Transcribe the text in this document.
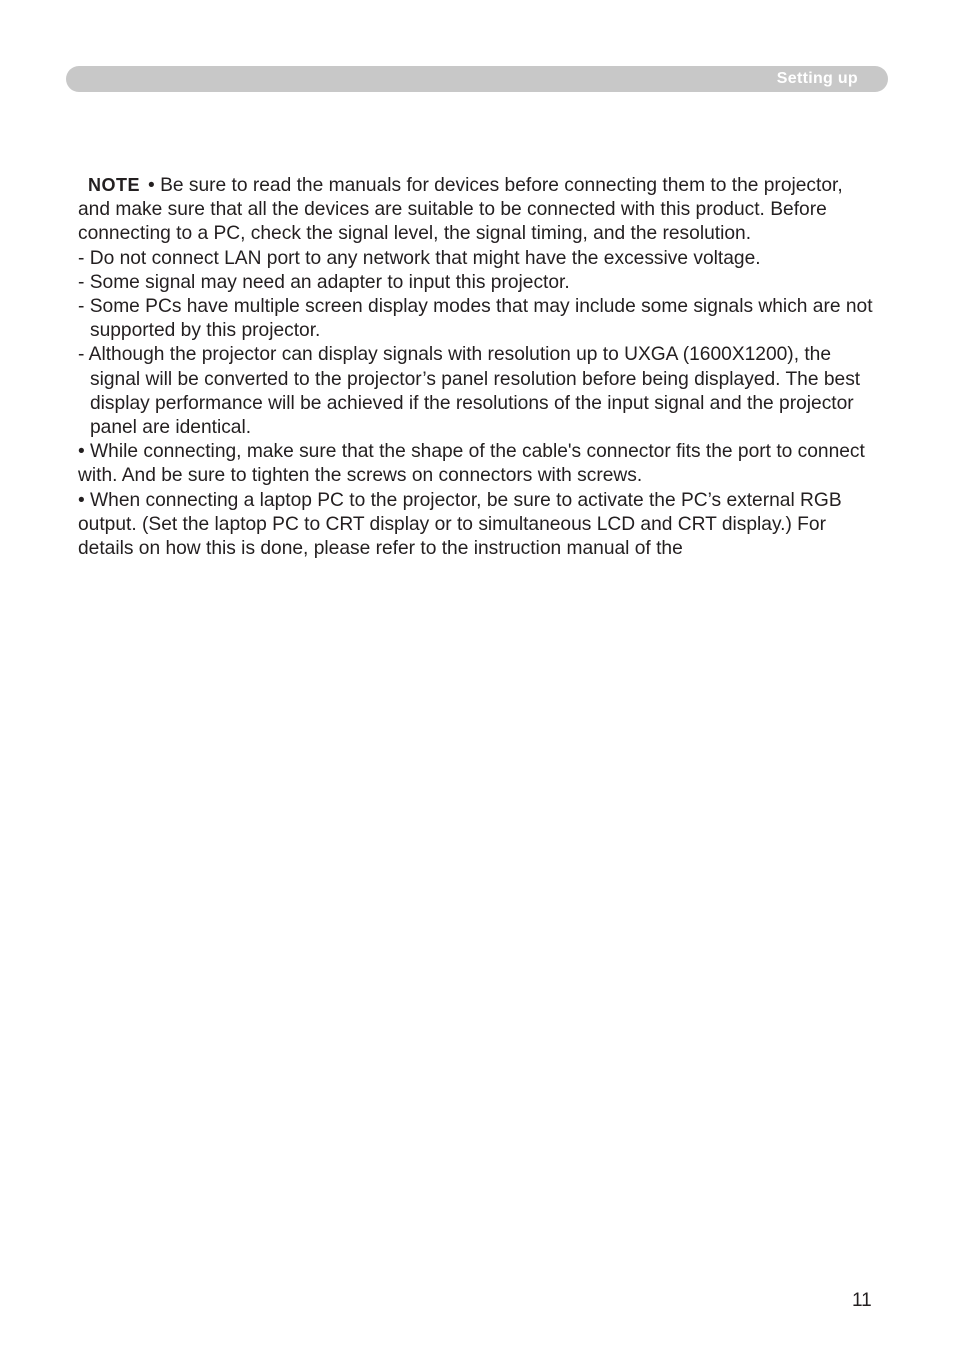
Setting up

NOTE • Be sure to read the manuals for devices before connecting them to the projector, and make sure that all the devices are suitable to be connected with this product. Before connecting to a PC, check the signal level, the signal timing, and the resolution.

- Do not connect LAN port to any network that might have the excessive voltage.

- Some signal may need an adapter to input this projector.

- Some PCs have multiple screen display modes that may include some signals which are not supported by this projector.

- Although the projector can display signals with resolution up to UXGA (1600X1200), the signal will be converted to the projector’s panel resolution before being displayed. The best display performance will be achieved if the resolutions of the input signal and the projector panel are identical.

• While connecting, make sure that the shape of the cable's connector fits the port to connect with. And be sure to tighten the screws on connectors with screws.

• When connecting a laptop PC to the projector, be sure to activate the PC’s external RGB output. (Set the laptop PC to CRT display or to simultaneous LCD and CRT display.) For details on how this is done, please refer to the instruction manual of the

11
